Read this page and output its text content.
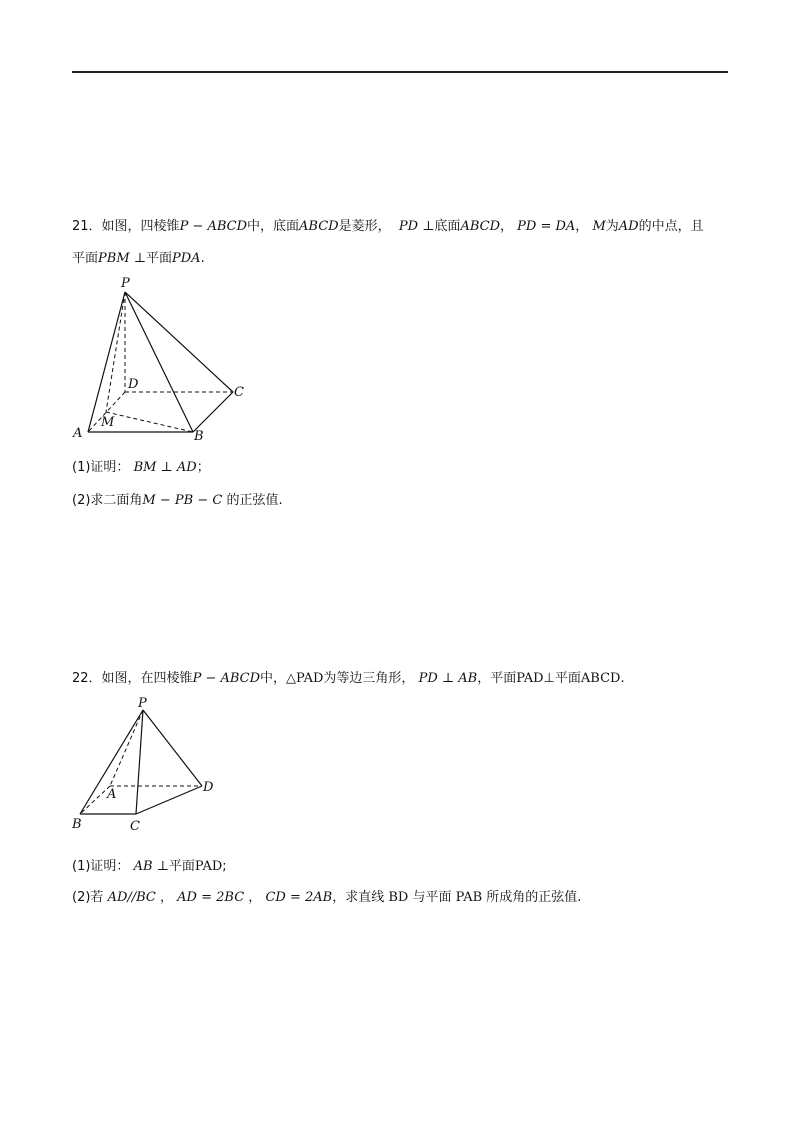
21．如图，四棱锥P − ABCD中，底面ABCD是菱形， PD ⊥底面ABCD， PD = DA， M为AD的中点，且
平面PBM ⊥平面PDA.
P
D
C
A
M
B
(1)证明： BM ⊥ AD；
(2)求二面角M − PB − C 的正弦值.
22．如图，在四棱锥P − ABCD中，△PAD为等边三角形， PD ⊥ AB，平面PAD⊥平面ABCD.
P
A	D
B	C
(1)证明： AB ⊥平面PAD;
(2)若 AD//BC ， AD = 2BC ， CD = 2AB，求直线 BD 与平面 PAB 所成角的正弦值.
